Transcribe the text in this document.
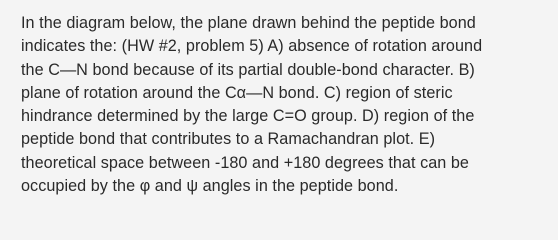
In the diagram below, the plane drawn behind the peptide bond
indicates the: (HW #2, problem 5) A) absence of rotation around
the C—N bond because of its partial double-bond character. B)
plane of rotation around the Cα—N bond. C) region of steric
hindrance determined by the large C=O group. D) region of the
peptide bond that contributes to a Ramachandran plot. E)
theoretical space between -180 and +180 degrees that can be
occupied by the φ and ψ angles in the peptide bond.
